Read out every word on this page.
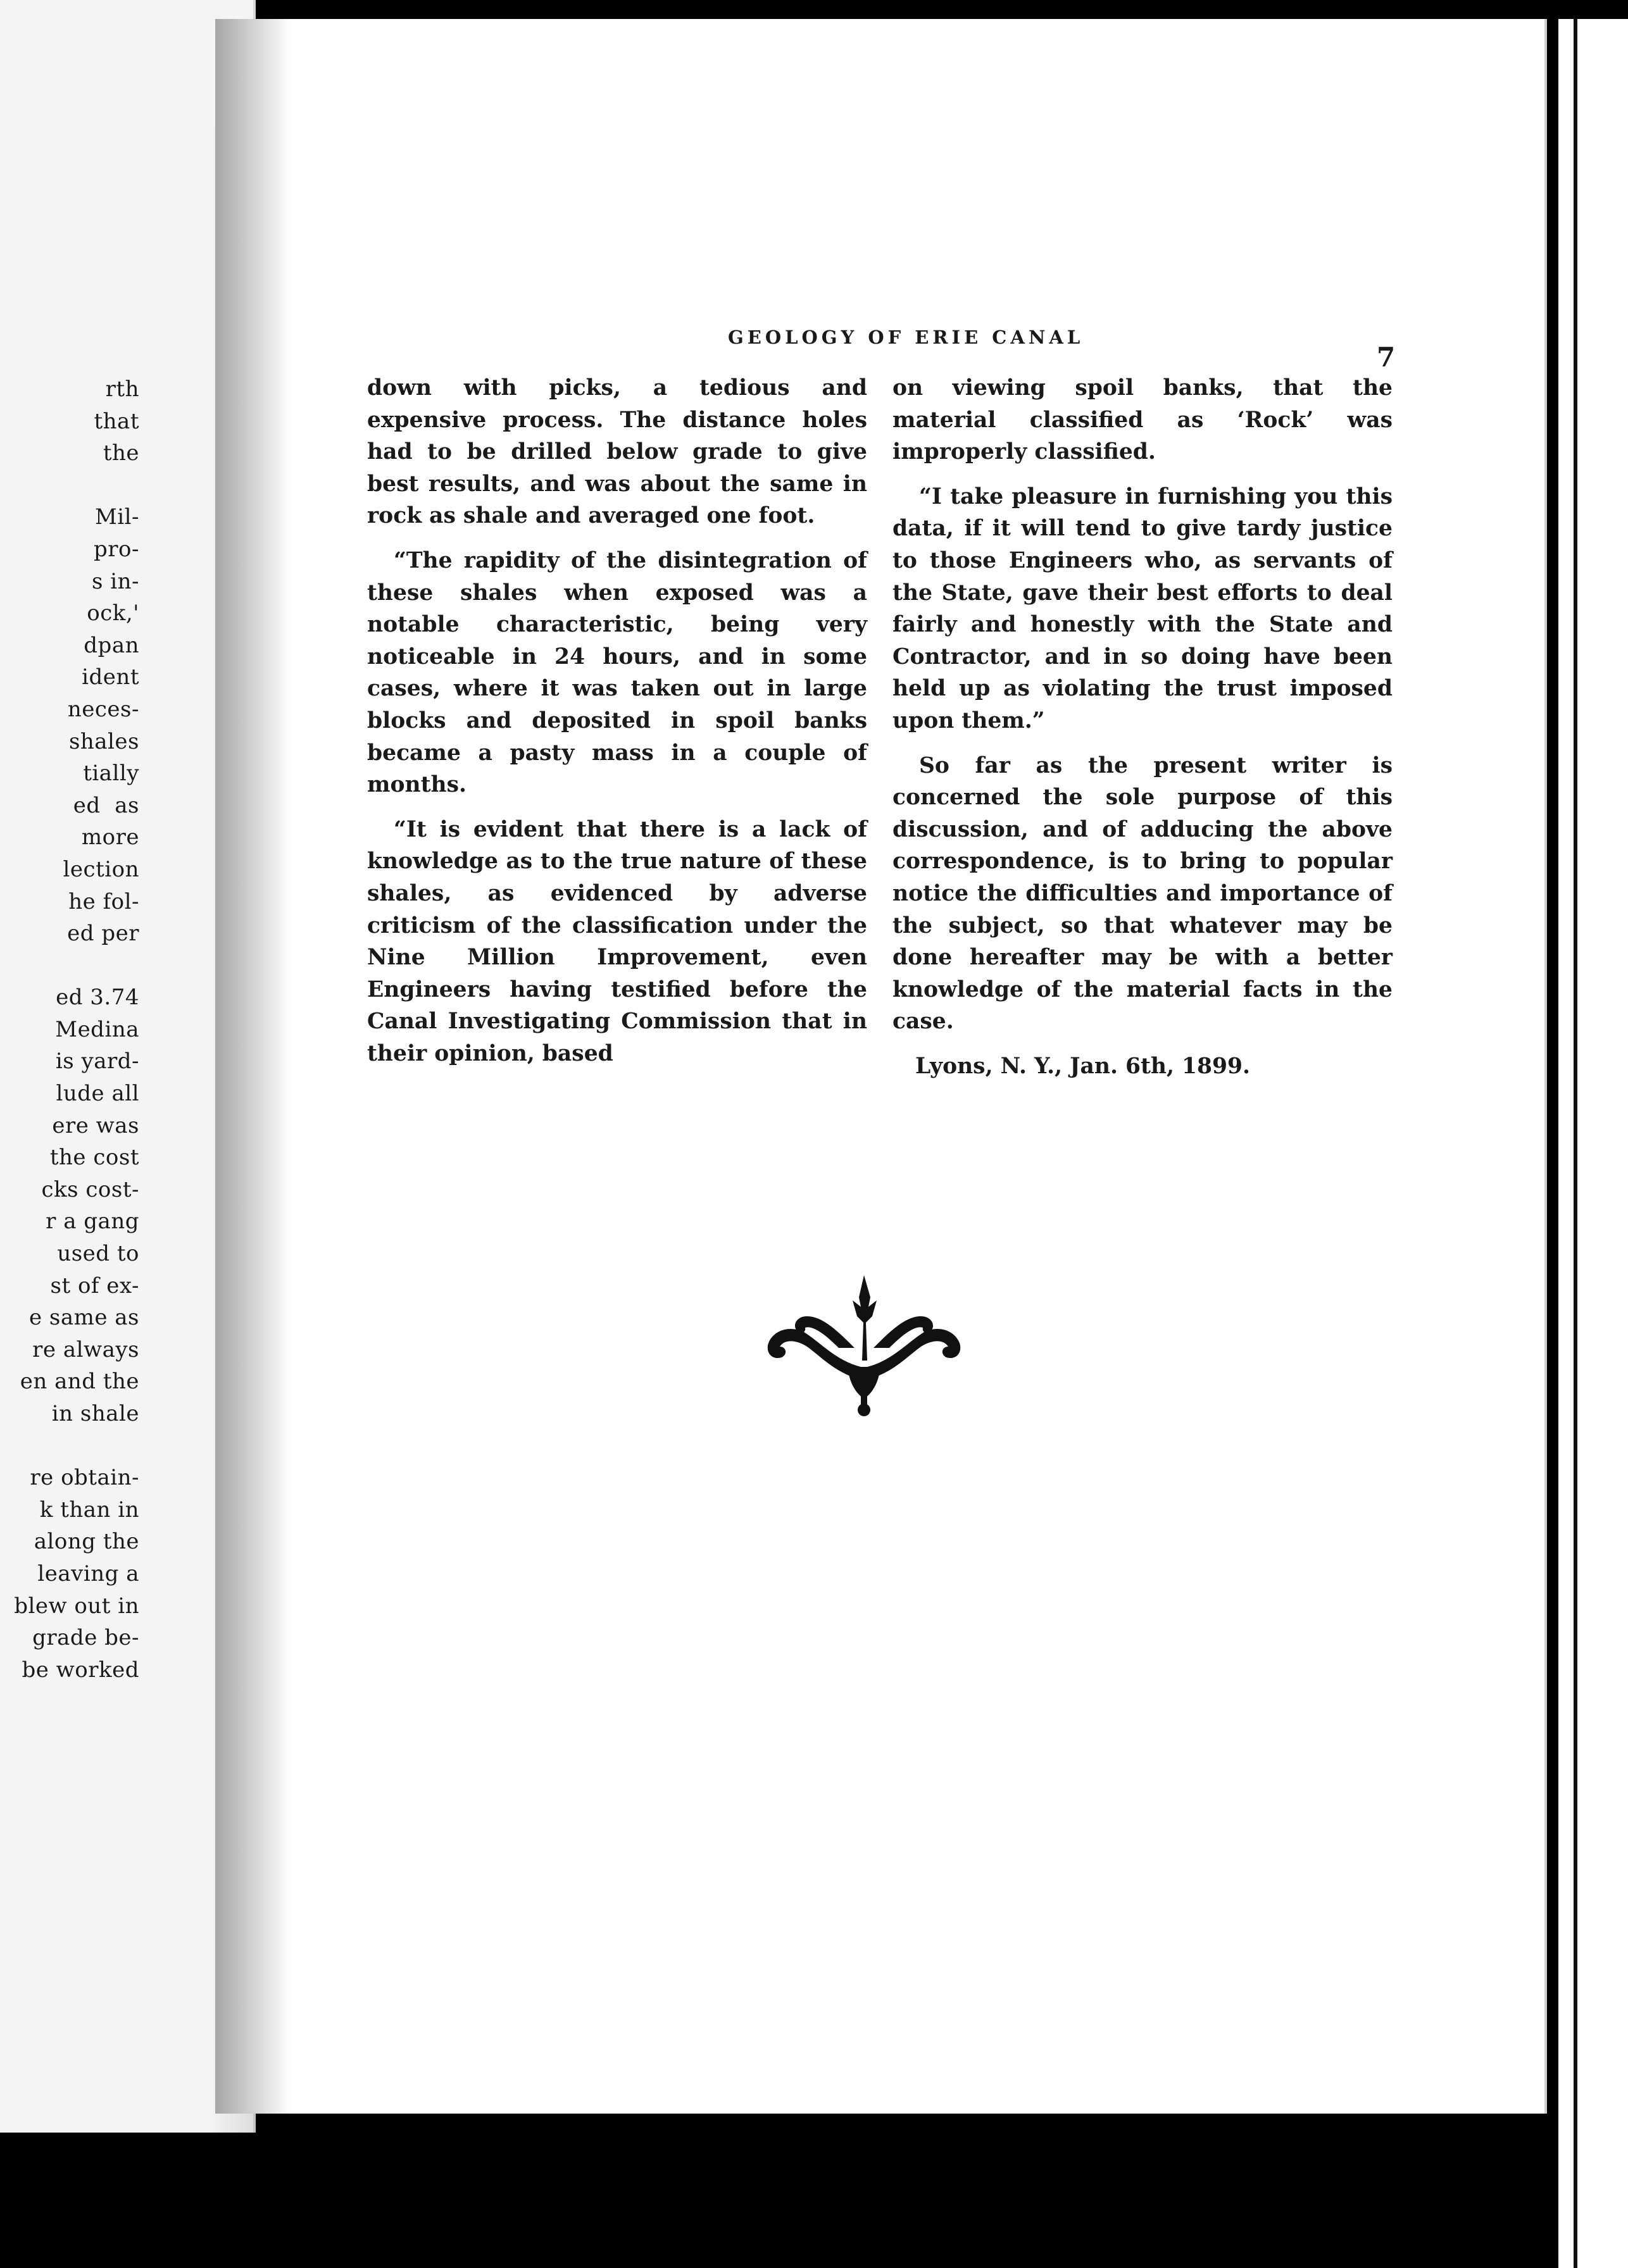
rth
that
the

Mil-
pro-
s in-
ock,'
dpan
ident
neces-
shales
tially
ed  as
more
lection
he fol-
ed per

ed 3.74
Medina
is yard-
lude all
ere was
the cost
cks cost-
r a gang
used to
st of ex-
e same as
re always
en and the
in shale

re obtain-
k than in
along the
leaving a
blew out in
grade be-
be worked
GEOLOGY OF ERIE CANAL
7

down with picks, a tedious and expensive process. The distance holes had to be drilled below grade to give best results, and was about the same in rock as shale and averaged one foot.

“The rapidity of the disintegration of these shales when exposed was a notable characteristic, being very noticeable in 24 hours, and in some cases, where it was taken out in large blocks and deposited in spoil banks became a pasty mass in a couple of months.

“It is evident that there is a lack of knowledge as to the true nature of these shales, as evidenced by adverse criticism of the classification under the Nine Million Improvement, even Engineers having testified before the Canal Investigating Commission that in their opinion, based

on viewing spoil banks, that the material classified as ‘Rock’ was improperly classified.

“I take pleasure in furnishing you this data, if it will tend to give tardy justice to those Engineers who, as servants of the State, gave their best efforts to deal fairly and honestly with the State and Contractor, and in so doing have been held up as violating the trust imposed upon them.”

So far as the present writer is concerned the sole purpose of this discussion, and of adducing the above correspondence, is to bring to popular notice the difficulties and importance of the subject, so that whatever may be done hereafter may be with a better knowledge of the material facts in the case.

Lyons, N. Y., Jan. 6th, 1899.
